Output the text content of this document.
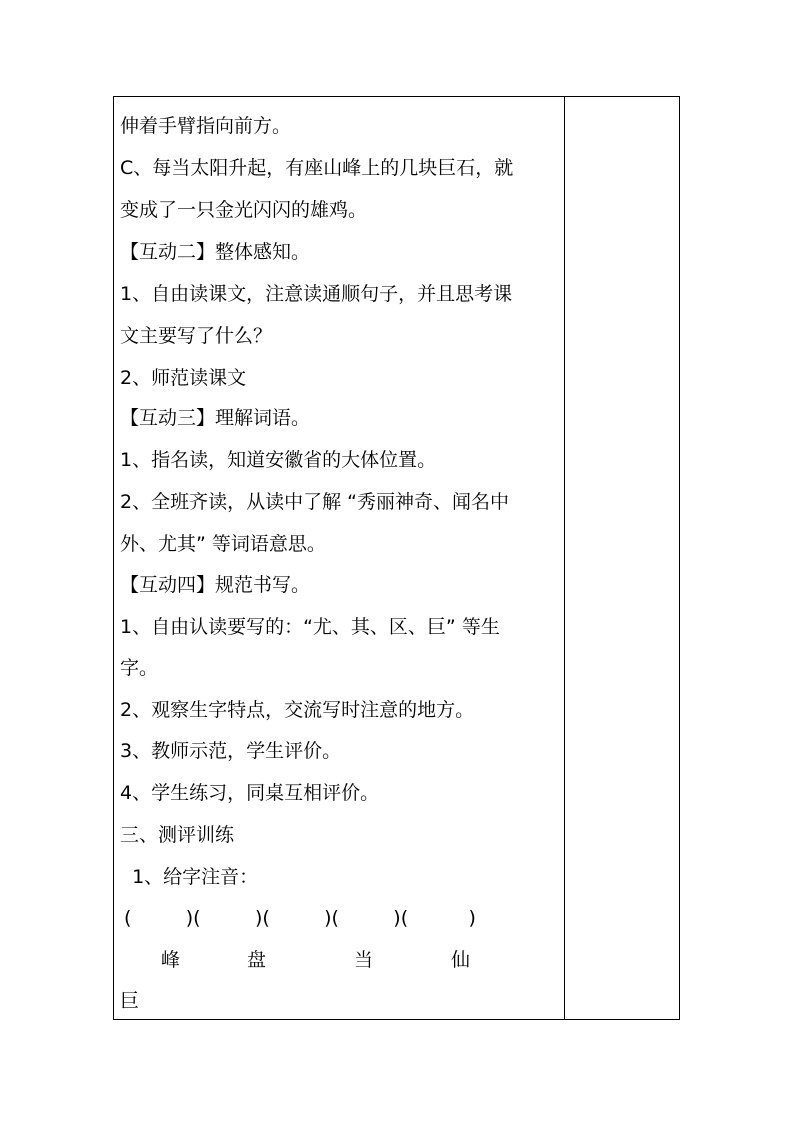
伸着手臂指向前方。
C、每当太阳升起，有座山峰上的几块巨石，就
变成了一只金光闪闪的雄鸡。
【互动二】整体感知。
1、自由读课文，注意读通顺句子，并且思考课
文主要写了什么？
2、师范读课文
【互动三】理解词语。
1、指名读，知道安徽省的大体位置。
2、全班齐读，从读中了解 “秀丽神奇、闻名中
外、尤其” 等词语意思。
【互动四】规范书写。
1、自由认读要写的：“尤、其、区、巨” 等生
字。
2、观察生字特点，交流写时注意的地方。
3、教师示范，学生评价。
4、学生练习，同桌互相评价。
三、测评训练
1、给字注音：
(         )(         )(         )(         )(          )
峰	盘	当	仙
巨
